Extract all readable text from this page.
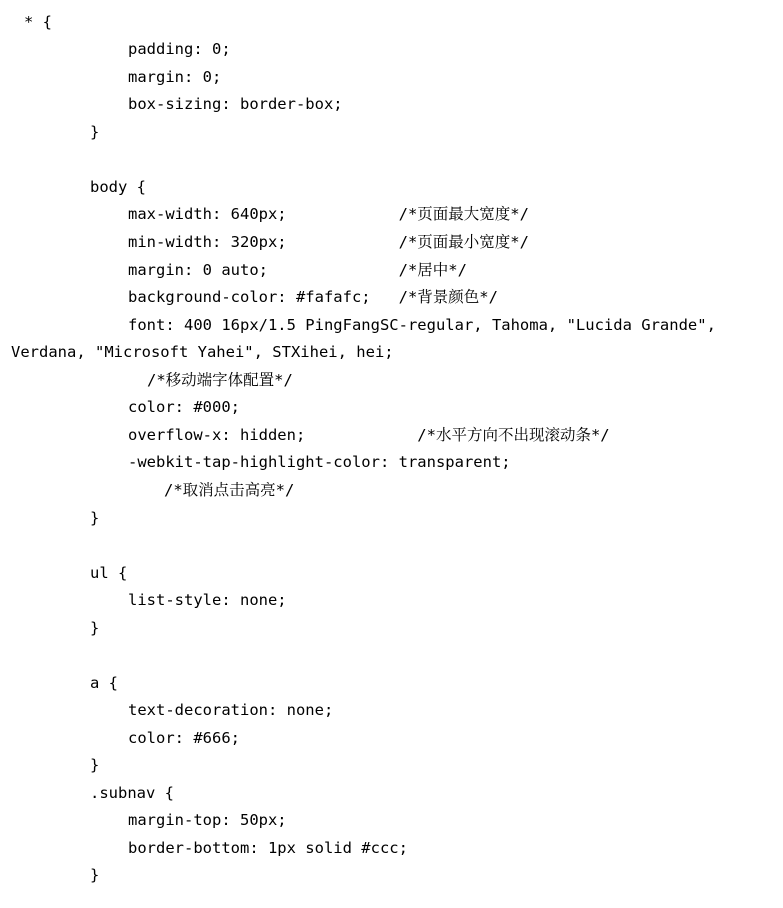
* {
padding: 0;
margin: 0;
box-sizing: border-box;
}
body {
max-width: 640px;            /*页面最大宽度*/
min-width: 320px;            /*页面最小宽度*/
margin: 0 auto;              /*居中*/
background-color: #fafafc;   /*背景颜色*/
font: 400 16px/1.5 PingFangSC-regular, Tahoma, "Lucida Grande",
Verdana, "Microsoft Yahei", STXihei, hei;
/*移动端字体配置*/
color: #000;
overflow-x: hidden;            /*水平方向不出现滚动条*/
-webkit-tap-highlight-color: transparent;
/*取消点击高亮*/
}
ul {
list-style: none;
}
a {
text-decoration: none;
color: #666;
}
.subnav {
margin-top: 50px;
border-bottom: 1px solid #ccc;
}
